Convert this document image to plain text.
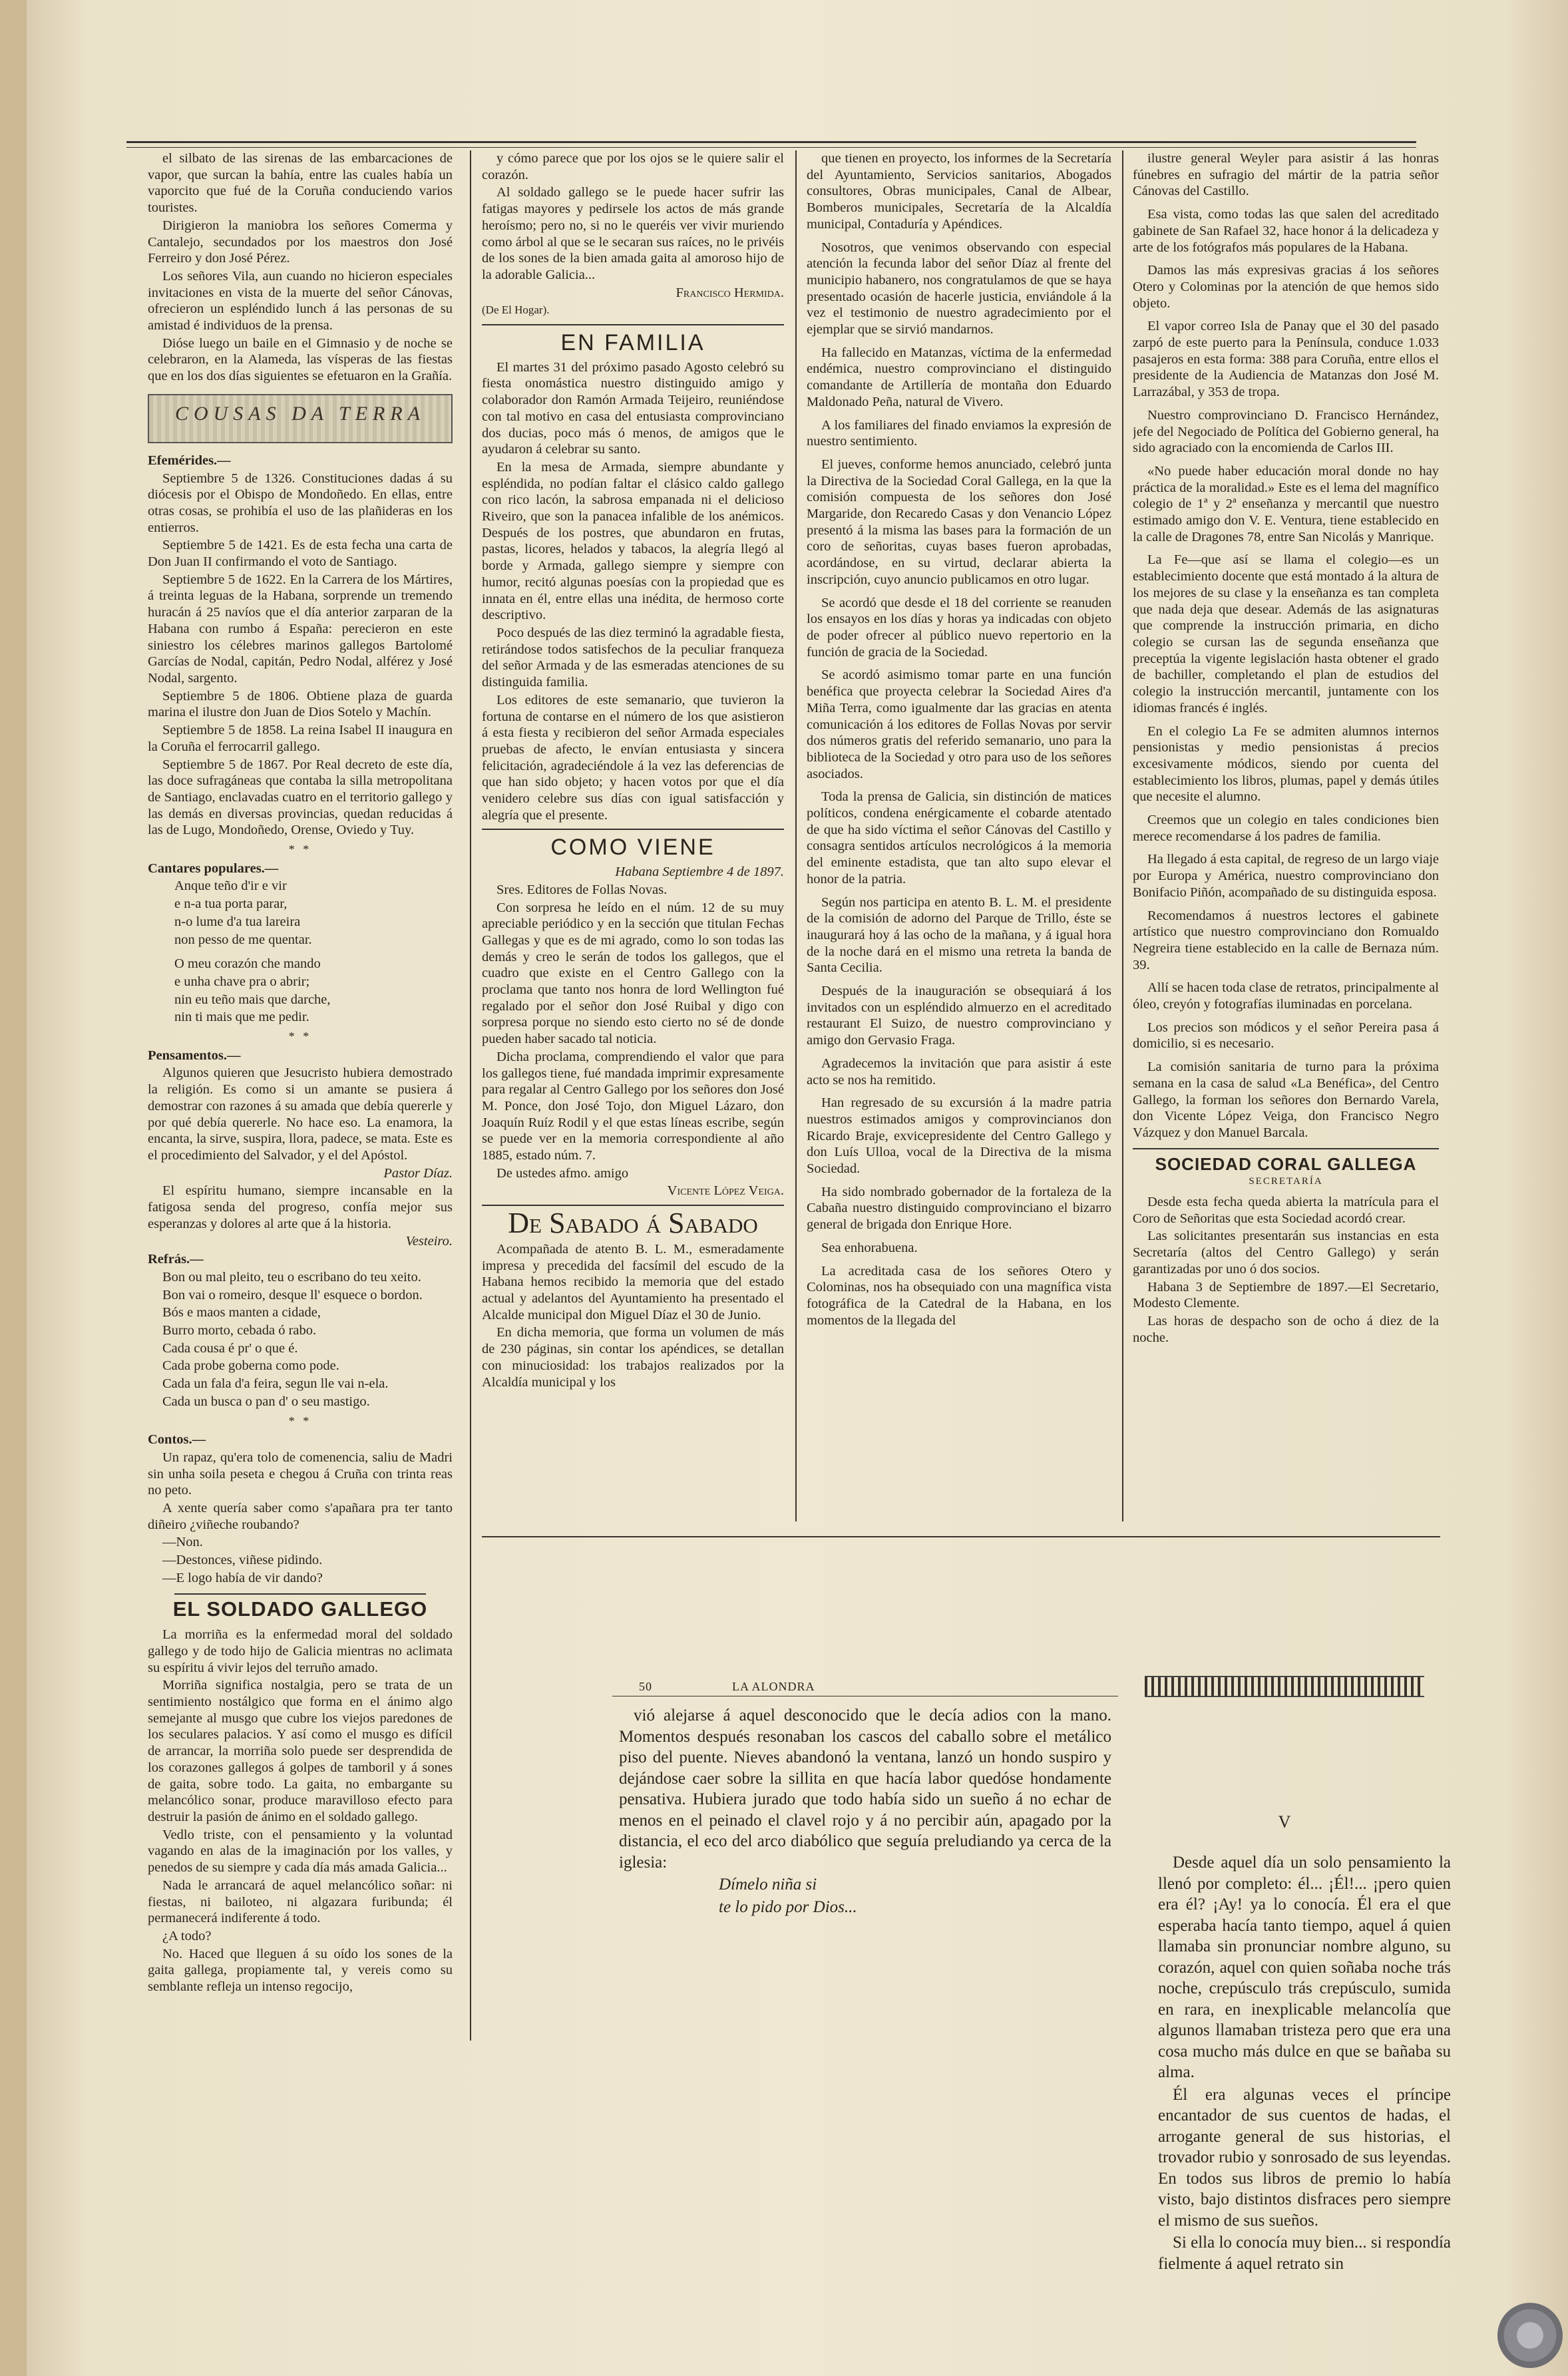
el silbato de las sirenas de las embarcaciones de vapor, que surcan la bahía, entre las cuales había un vaporcito que fué de la Coruña conduciendo varios touristes.

Dirigieron la maniobra los señores Comerma y Cantalejo, secundados por los maestros don José Ferreiro y don José Pérez.

Los señores Vila, aun cuando no hicieron especiales invitaciones en vista de la muerte del señor Cánovas, ofrecieron un espléndido lunch á las personas de su amistad é individuos de la prensa.

Dióse luego un baile en el Gimnasio y de noche se celebraron, en la Alameda, las vísperas de las fiestas que en los dos días siguientes se efetuaron en la Grañía.

COUSAS DA TERRA

Efemérides.—

Septiembre 5 de 1326. Constituciones dadas á su diócesis por el Obispo de Mondoñedo. En ellas, entre otras cosas, se prohibía el uso de las plañideras en los entierros.

Septiembre 5 de 1421. Es de esta fecha una carta de Don Juan II confirmando el voto de Santiago.

Septiembre 5 de 1622. En la Carrera de los Mártires, á treinta leguas de la Habana, sorprende un tremendo huracán á 25 navíos que el día anterior zarparan de la Habana con rumbo á España: perecieron en este siniestro los célebres marinos gallegos Bartolomé Garcías de Nodal, capitán, Pedro Nodal, alférez y José Nodal, sargento.

Septiembre 5 de 1806. Obtiene plaza de guarda marina el ilustre don Juan de Dios Sotelo y Machín.

Septiembre 5 de 1858. La reina Isabel II inaugura en la Coruña el ferrocarril gallego.

Septiembre 5 de 1867. Por Real decreto de este día, las doce sufragáneas que contaba la silla metropolitana de Santiago, enclavadas cuatro en el territorio gallego y las demás en diversas provincias, quedan reducidas á las de Lugo, Mondoñedo, Orense, Oviedo y Tuy.

* *

Cantares populares.—

Anque teño d'ir e vir

e n-a tua porta parar,

n-o lume d'a tua lareira

non pesso de me quentar.

O meu corazón che mando

e unha chave pra o abrir;

nin eu teño mais que darche,

nin ti mais que me pedir.

* *

Pensamentos.—

Algunos quieren que Jesucristo hubiera demostrado la religión. Es como si un amante se pusiera á demostrar con razones á su amada que debía quererle y por qué debía quererle. No hace eso. La enamora, la encanta, la sirve, suspira, llora, padece, se mata. Este es el procedimiento del Salvador, y el del Apóstol.

Pastor Díaz.

El espíritu humano, siempre incansable en la fatigosa senda del progreso, confía mejor sus esperanzas y dolores al arte que á la historia.

Vesteiro.

Refrás.—

Bon ou mal pleito, teu o escribano do teu xeito.

Bon vai o romeiro, desque ll' esquece o bordon.

Bós e maos manten a cidade,

Burro morto, cebada ó rabo.

Cada cousa é pr' o que é.

Cada probe goberna como pode.

Cada un fala d'a feira, segun lle vai n-ela.

Cada un busca o pan d' o seu mastigo.

* *

Contos.—

Un rapaz, qu'era tolo de comenencia, saliu de Madri sin unha soila peseta e chegou á Cruña con trinta reas no peto.

A xente quería saber como s'apañara pra ter tanto diñeiro ¿viñeche roubando?

—Non.

—Destonces, viñese pidindo.

—E logo había de vir dando?

EL SOLDADO GALLEGO

La morriña es la enfermedad moral del soldado gallego y de todo hijo de Galicia mientras no aclimata su espíritu á vivir lejos del terruño amado.

Morriña significa nostalgia, pero se trata de un sentimiento nostálgico que forma en el ánimo algo semejante al musgo que cubre los viejos paredones de los seculares palacios. Y así como el musgo es difícil de arrancar, la morriña solo puede ser desprendida de los corazones gallegos á golpes de tamboril y á sones de gaita, sobre todo. La gaita, no embargante su melancólico sonar, produce maravilloso efecto para destruir la pasión de ánimo en el soldado gallego.

Vedlo triste, con el pensamiento y la voluntad vagando en alas de la imaginación por los valles, y penedos de su siempre y cada día más amada Galicia...

Nada le arrancará de aquel melancólico soñar: ni fiestas, ni bailoteo, ni algazara furibunda; él permanecerá indiferente á todo.

¿A todo?

No. Haced que lleguen á su oído los sones de la gaita gallega, propiamente tal, y vereis como su semblante refleja un intenso regocijo,

y cómo parece que por los ojos se le quiere salir el corazón.

Al soldado gallego se le puede hacer sufrir las fatigas mayores y pedirsele los actos de más grande heroísmo; pero no, si no le queréis ver vivir muriendo como árbol al que se le secaran sus raíces, no le privéis de los sones de la bien amada gaita al amoroso hijo de la adorable Galicia...

Francisco Hermida.

(De El Hogar).

EN FAMILIA

El martes 31 del próximo pasado Agosto celebró su fiesta onomástica nuestro distinguido amigo y colaborador don Ramón Armada Teijeiro, reuniéndose con tal motivo en casa del entusiasta comprovinciano dos ducias, poco más ó menos, de amigos que le ayudaron á celebrar su santo.

En la mesa de Armada, siempre abundante y espléndida, no podían faltar el clásico caldo gallego con rico lacón, la sabrosa empanada ni el delicioso Riveiro, que son la panacea infalible de los anémicos. Después de los postres, que abundaron en frutas, pastas, licores, helados y tabacos, la alegría llegó al borde y Armada, gallego siempre y siempre con humor, recitó algunas poesías con la propiedad que es innata en él, entre ellas una inédita, de hermoso corte descriptivo.

Poco después de las diez terminó la agradable fiesta, retirándose todos satisfechos de la peculiar franqueza del señor Armada y de las esmeradas atenciones de su distinguida familia.

Los editores de este semanario, que tuvieron la fortuna de contarse en el número de los que asistieron á esta fiesta y recibieron del señor Armada especiales pruebas de afecto, le envían entusiasta y sincera felicitación, agradeciéndole á la vez las deferencias de que han sido objeto; y hacen votos por que el día venidero celebre sus días con igual satisfacción y alegría que el presente.

COMO VIENE

Habana Septiembre 4 de 1897.

Sres. Editores de Follas Novas.

Con sorpresa he leído en el núm. 12 de su muy apreciable periódico y en la sección que titulan Fechas Gallegas y que es de mi agrado, como lo son todas las demás y creo le serán de todos los gallegos, que el cuadro que existe en el Centro Gallego con la proclama que tanto nos honra de lord Wellington fué regalado por el señor don José Ruibal y digo con sorpresa porque no siendo esto cierto no sé de donde pueden haber sacado tal noticia.

Dicha proclama, comprendiendo el valor que para los gallegos tiene, fué mandada imprimir expresamente para regalar al Centro Gallego por los señores don José M. Ponce, don José Tojo, don Miguel Lázaro, don Joaquín Ruíz Rodil y el que estas líneas escribe, según se puede ver en la memoria correspondiente al año 1885, estado núm. 7.

De ustedes afmo. amigo

Vicente López Veiga.

De Sabado á Sabado

Acompañada de atento B. L. M., esmeradamente impresa y precedida del facsímil del escudo de la Habana hemos recibido la memoria que del estado actual y adelantos del Ayuntamiento ha presentado el Alcalde municipal don Miguel Díaz el 30 de Junio.

En dicha memoria, que forma un volumen de más de 230 páginas, sin contar los apéndices, se detallan con minuciosidad: los trabajos realizados por la Alcaldía municipal y los

que tienen en proyecto, los informes de la Secretaría del Ayuntamiento, Servicios sanitarios, Abogados consultores, Obras municipales, Canal de Albear, Bomberos municipales, Secretaría de la Alcaldía municipal, Contaduría y Apéndices.

Nosotros, que venimos observando con especial atención la fecunda labor del señor Díaz al frente del municipio habanero, nos congratulamos de que se haya presentado ocasión de hacerle justicia, enviándole á la vez el testimonio de nuestro agradecimiento por el ejemplar que se sirvió mandarnos.

Ha fallecido en Matanzas, víctima de la enfermedad endémica, nuestro comprovinciano el distinguido comandante de Artillería de montaña don Eduardo Maldonado Peña, natural de Vivero.

A los familiares del finado enviamos la expresión de nuestro sentimiento.

El jueves, conforme hemos anunciado, celebró junta la Directiva de la Sociedad Coral Gallega, en la que la comisión compuesta de los señores don José Margaride, don Recaredo Casas y don Venancio López presentó á la misma las bases para la formación de un coro de señoritas, cuyas bases fueron aprobadas, acordándose, en su virtud, declarar abierta la inscripción, cuyo anuncio publicamos en otro lugar.

Se acordó que desde el 18 del corriente se reanuden los ensayos en los días y horas ya indicadas con objeto de poder ofrecer al público nuevo repertorio en la función de gracia de la Sociedad.

Se acordó asimismo tomar parte en una función benéfica que proyecta celebrar la Sociedad Aires d'a Miña Terra, como igualmente dar las gracias en atenta comunicación á los editores de Follas Novas por servir dos números gratis del referido semanario, uno para la biblioteca de la Sociedad y otro para uso de los señores asociados.

Toda la prensa de Galicia, sin distinción de matices políticos, condena enérgicamente el cobarde atentado de que ha sido víctima el señor Cánovas del Castillo y consagra sentidos artículos necrológicos á la memoria del eminente estadista, que tan alto supo elevar el honor de la patria.

Según nos participa en atento B. L. M. el presidente de la comisión de adorno del Parque de Trillo, éste se inaugurará hoy á las ocho de la mañana, y á igual hora de la noche dará en el mismo una retreta la banda de Santa Cecilia.

Después de la inauguración se obsequiará á los invitados con un espléndido almuerzo en el acreditado restaurant El Suizo, de nuestro comprovinciano y amigo don Gervasio Fraga.

Agradecemos la invitación que para asistir á este acto se nos ha remitido.

Han regresado de su excursión á la madre patria nuestros estimados amigos y comprovincianos don Ricardo Braje, exvicepresidente del Centro Gallego y don Luís Ulloa, vocal de la Directiva de la misma Sociedad.

Ha sido nombrado gobernador de la fortaleza de la Cabaña nuestro distinguido comprovinciano el bizarro general de brigada don Enrique Hore.

Sea enhorabuena.

La acreditada casa de los señores Otero y Colominas, nos ha obsequiado con una magnífica vista fotográfica de la Catedral de la Habana, en los momentos de la llegada del

ilustre general Weyler para asistir á las honras fúnebres en sufragio del mártir de la patria señor Cánovas del Castillo.

Esa vista, como todas las que salen del acreditado gabinete de San Rafael 32, hace honor á la delicadeza y arte de los fotógrafos más populares de la Habana.

Damos las más expresivas gracias á los señores Otero y Colominas por la atención de que hemos sido objeto.

El vapor correo Isla de Panay que el 30 del pasado zarpó de este puerto para la Península, conduce 1.033 pasajeros en esta forma: 388 para Coruña, entre ellos el presidente de la Audiencia de Matanzas don José M. Larrazábal, y 353 de tropa.

Nuestro comprovinciano D. Francisco Hernández, jefe del Negociado de Política del Gobierno general, ha sido agraciado con la encomienda de Carlos III.

«No puede haber educación moral donde no hay práctica de la moralidad.» Este es el lema del magnífico colegio de 1ª y 2ª enseñanza y mercantil que nuestro estimado amigo don V. E. Ventura, tiene establecido en la calle de Dragones 78, entre San Nicolás y Manrique.

La Fe—que así se llama el colegio—es un establecimiento docente que está montado á la altura de los mejores de su clase y la enseñanza es tan completa que nada deja que desear. Además de las asignaturas que comprende la instrucción primaria, en dicho colegio se cursan las de segunda enseñanza que preceptúa la vigente legislación hasta obtener el grado de bachiller, completando el plan de estudios del colegio la instrucción mercantil, juntamente con los idiomas francés é inglés.

En el colegio La Fe se admiten alumnos internos pensionistas y medio pensionistas á precios excesivamente módicos, siendo por cuenta del establecimiento los libros, plumas, papel y demás útiles que necesite el alumno.

Creemos que un colegio en tales condiciones bien merece recomendarse á los padres de familia.

Ha llegado á esta capital, de regreso de un largo viaje por Europa y América, nuestro comprovinciano don Bonifacio Piñón, acompañado de su distinguida esposa.

Recomendamos á nuestros lectores el gabinete artístico que nuestro comprovinciano don Romualdo Negreira tiene establecido en la calle de Bernaza núm. 39.

Allí se hacen toda clase de retratos, principalmente al óleo, creyón y fotografías iluminadas en porcelana.

Los precios son módicos y el señor Pereira pasa á domicilio, si es necesario.

La comisión sanitaria de turno para la próxima semana en la casa de salud «La Benéfica», del Centro Gallego, la forman los señores don Bernardo Varela, don Vicente López Veiga, don Francisco Negro Vázquez y don Manuel Barcala.

SOCIEDAD CORAL GALLEGA
SECRETARÍA

Desde esta fecha queda abierta la matrícula para el Coro de Señoritas que esta Sociedad acordó crear.

Las solicitantes presentarán sus instancias en esta Secretaría (altos del Centro Gallego) y serán garantizadas por uno ó dos socios.

Habana 3 de Septiembre de 1897.—El Secretario, Modesto Clemente.

Las horas de despacho son de ocho á diez de la noche.

50	LA ALONDRA

vió alejarse á aquel desconocido que le decía adios con la mano. Momentos después resonaban los cascos del caballo sobre el metálico piso del puente. Nieves abandonó la ventana, lanzó un hondo suspiro y dejándose caer sobre la sillita en que hacía labor quedóse hondamente pensativa. Hubiera jurado que todo había sido un sueño á no echar de menos en el peinado el clavel rojo y á no percibir aún, apagado por la distancia, el eco del arco diabólico que seguía preludiando ya cerca de la iglesia:

Dímelo niña si

te lo pido por Dios...

V

Desde aquel día un solo pensamiento la llenó por completo: él... ¡Él!... ¡pero quien era él? ¡Ay! ya lo conocía. Él era el que esperaba hacía tanto tiempo, aquel á quien llamaba sin pronunciar nombre alguno, su corazón, aquel con quien soñaba noche trás noche, crepúsculo trás crepúsculo, sumida en rara, en inexplicable melancolía que algunos llamaban tristeza pero que era una cosa mucho más dulce en que se bañaba su alma.

Él era algunas veces el príncipe encantador de sus cuentos de hadas, el arrogante general de sus historias, el trovador rubio y sonrosado de sus leyendas. En todos sus libros de premio lo había visto, bajo distintos disfraces pero siempre el mismo de sus sueños.

Si ella lo conocía muy bien... si respondía fielmente á aquel retrato sin
